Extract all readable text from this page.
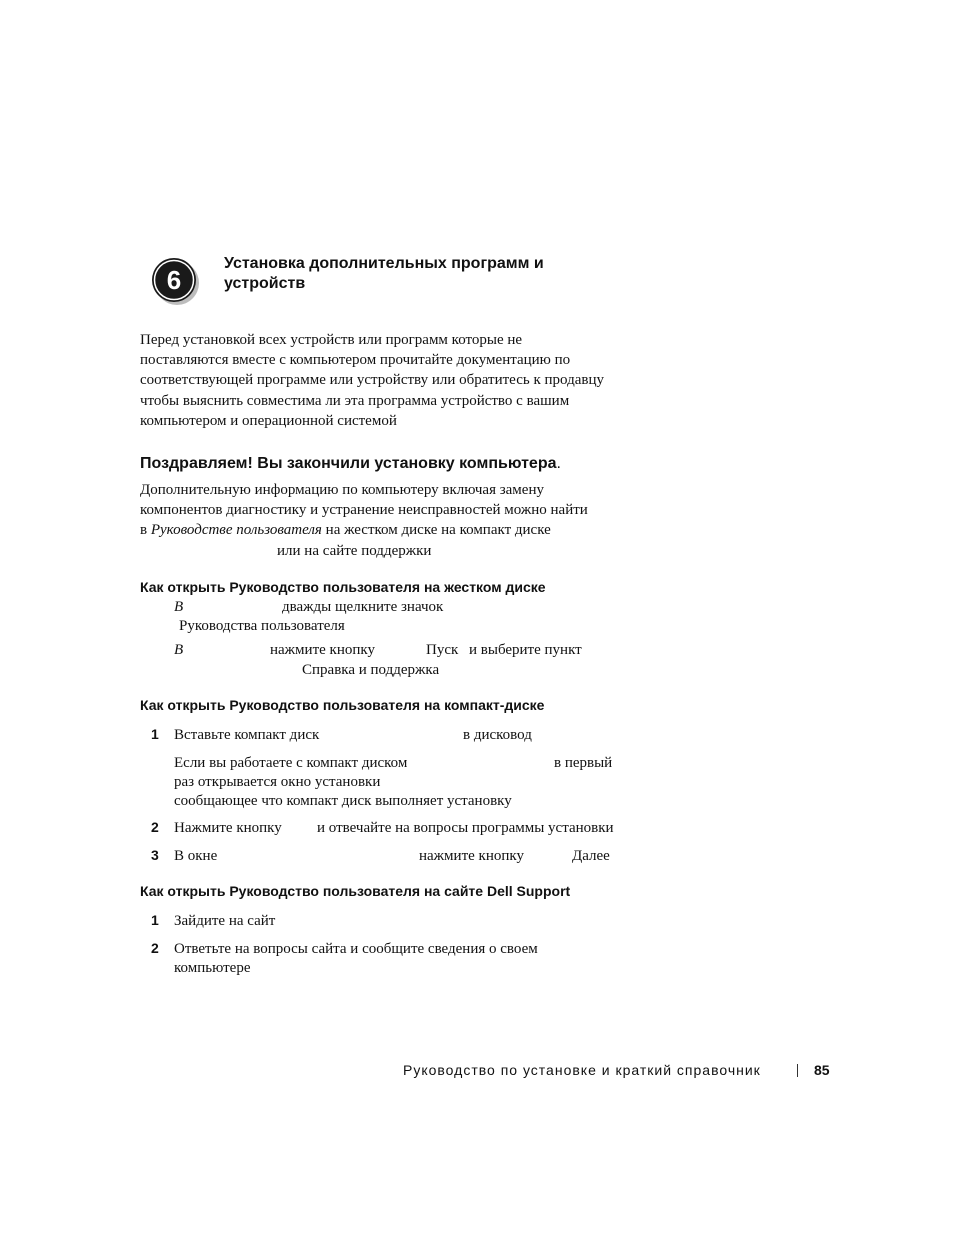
6
Установка дополнительных программ и
устройств
Перед установкой всех устройств или программ которые не
поставляются вместе с компьютером прочитайте документацию по
соответствующей программе или устройству или обратитесь к продавцу
чтобы выяснить совместима ли эта программа устройство с вашим
компьютером и операционной системой
Поздравляем! Вы закончили установку компьютера.
Дополнительную информацию по компьютеру включая замену
компонентов диагностику и устранение неисправностей можно найти
в Руководстве пользователя на жестком диске на компакт диске
или на сайте поддержки
Как открыть Руководство пользователя на жестком диске
В	дважды щелкните значок
Руководства пользователя
В	нажмите кнопку	Пуск и выберите пункт
Справка и поддержка
Как открыть Руководство пользователя на компакт-диске
1 Вставьте компакт диск	в дисковод
Если вы работаете с компакт диском	в первый
раз открывается окно установки
сообщающее что компакт диск выполняет установку
2 Нажмите кнопку и отвечайте на вопросы программы установки
3 В окне	нажмите кнопку	Далее
Как открыть Руководство пользователя на сайте Dell Support
1 Зайдите на сайт
2 Ответьте на вопросы сайта и сообщите сведения о своем
компьютере
Руководство по установке и краткий справочник	85
